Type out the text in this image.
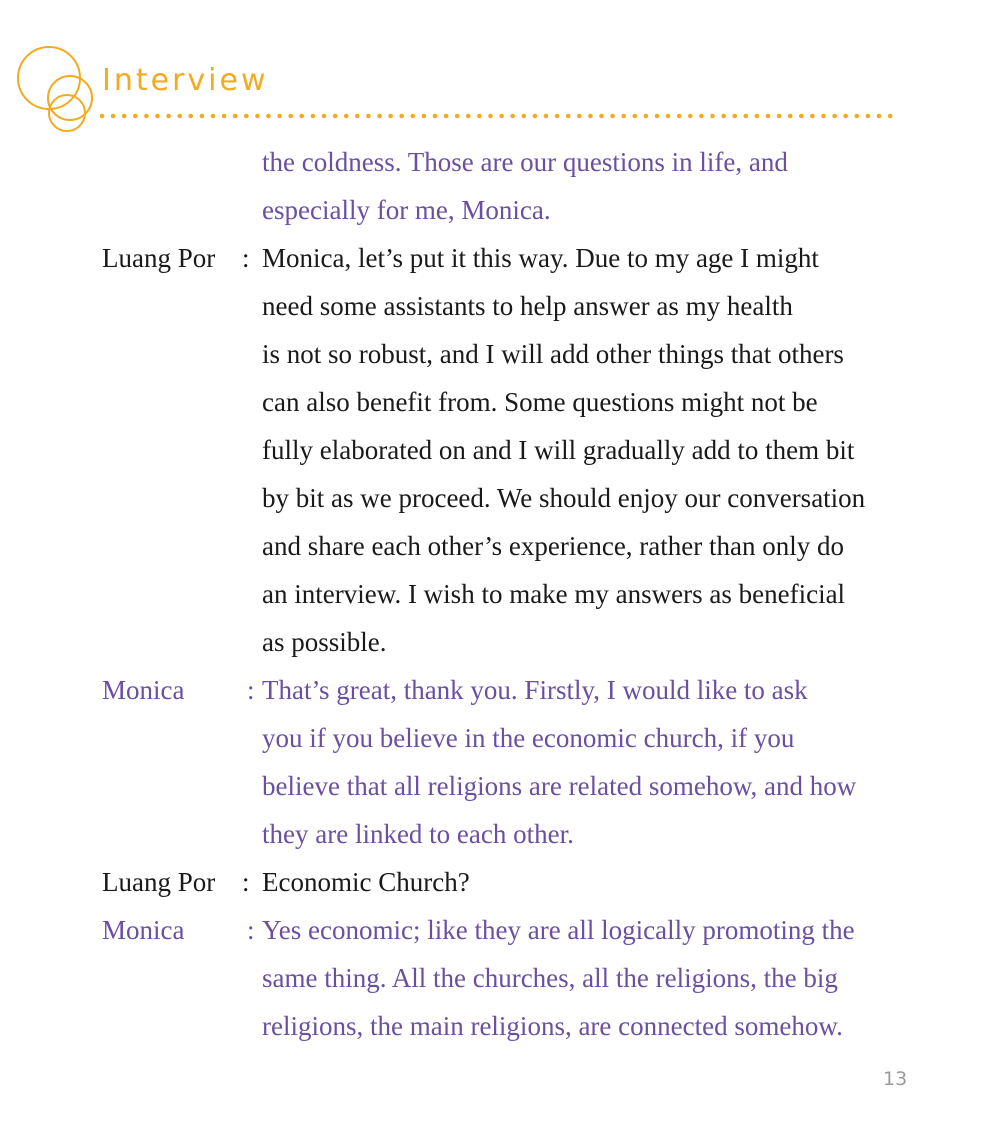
Interview
the coldness. Those are our questions in life, and
especially for me, Monica.
Luang Por : Monica, let’s put it this way. Due to my age I might
need some assistants to help answer as my health
is not so robust, and I will add other things that others
can also benefit from. Some questions might not be
fully elaborated on and I will gradually add to them bit
by bit as we proceed. We should enjoy our conversation
and share each other’s experience, rather than only do
an interview. I wish to make my answers as beneficial
as possible.
Monica : That’s great, thank you. Firstly, I would like to ask
you if you believe in the economic church, if you
believe that all religions are related somehow, and how
they are linked to each other.
Luang Por : Economic Church?
Monica : Yes economic; like they are all logically promoting the
same thing. All the churches, all the religions, the big
religions, the main religions, are connected somehow.
13
